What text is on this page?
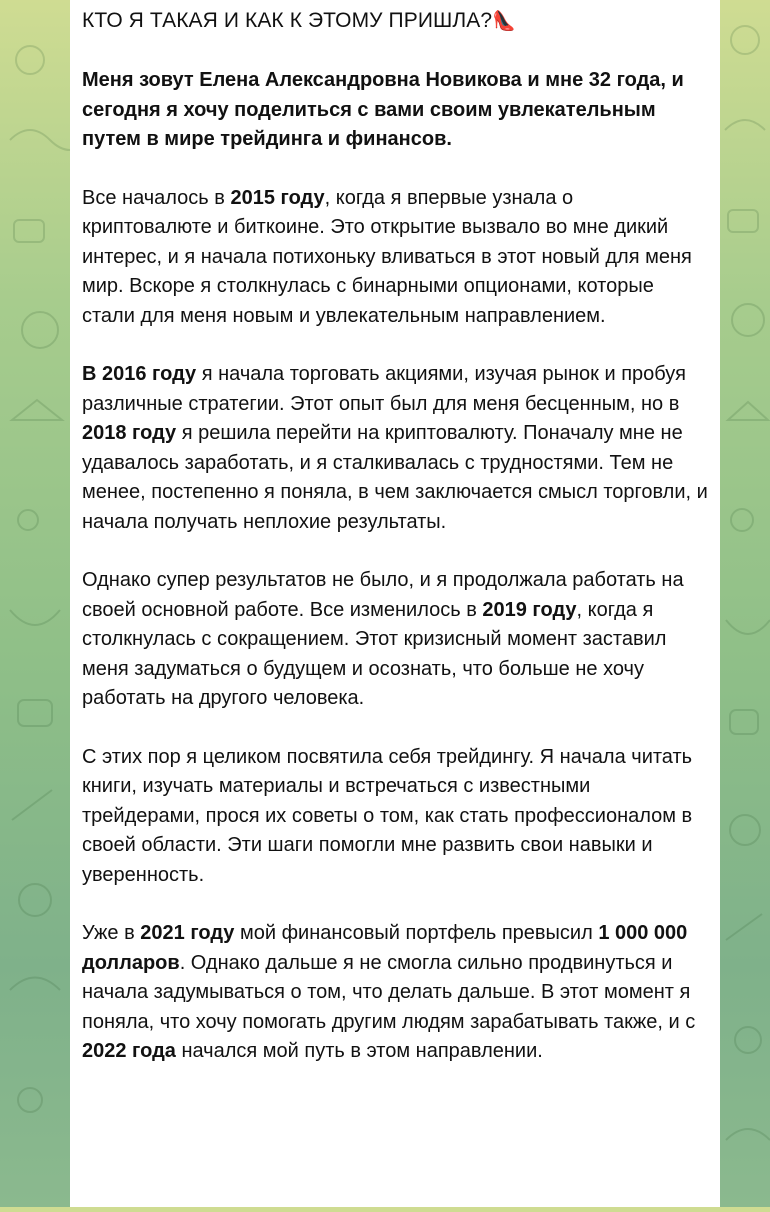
КТО Я ТАКАЯ И КАК К ЭТОМУ ПРИШЛА?👠

Меня зовут Елена Александровна Новикова и мне 32 года, и сегодня я хочу поделиться с вами своим увлекательным путем в мире трейдинга и финансов.

Все началось в 2015 году, когда я впервые узнала о криптовалюте и биткоине. Это открытие вызвало во мне дикий интерес, и я начала потихоньку вливаться в этот новый для меня мир. Вскоре я столкнулась с бинарными опционами, которые стали для меня новым и увлекательным направлением.

В 2016 году я начала торговать акциями, изучая рынок и пробуя различные стратегии. Этот опыт был для меня бесценным, но в 2018 году я решила перейти на криптовалюту. Поначалу мне не удавалось заработать, и я сталкивалась с трудностями. Тем не менее, постепенно я поняла, в чем заключается смысл торговли, и начала получать неплохие результаты.

Однако супер результатов не было, и я продолжала работать на своей основной работе. Все изменилось в 2019 году, когда я столкнулась с сокращением. Этот кризисный момент заставил меня задуматься о будущем и осознать, что больше не хочу работать на другого человека.

С этих пор я целиком посвятила себя трейдингу. Я начала читать книги, изучать материалы и встречаться с известными трейдерами, прося их советы о том, как стать профессионалом в своей области. Эти шаги помогли мне развить свои навыки и уверенность.

Уже в 2021 году мой финансовый портфель превысил 1 000 000 долларов. Однако дальше я не смогла сильно продвинуться и начала задумываться о том, что делать дальше. В этот момент я поняла, что хочу помогать другим людям зарабатывать также, и с 2022 года начался мой путь в этом направлении.
